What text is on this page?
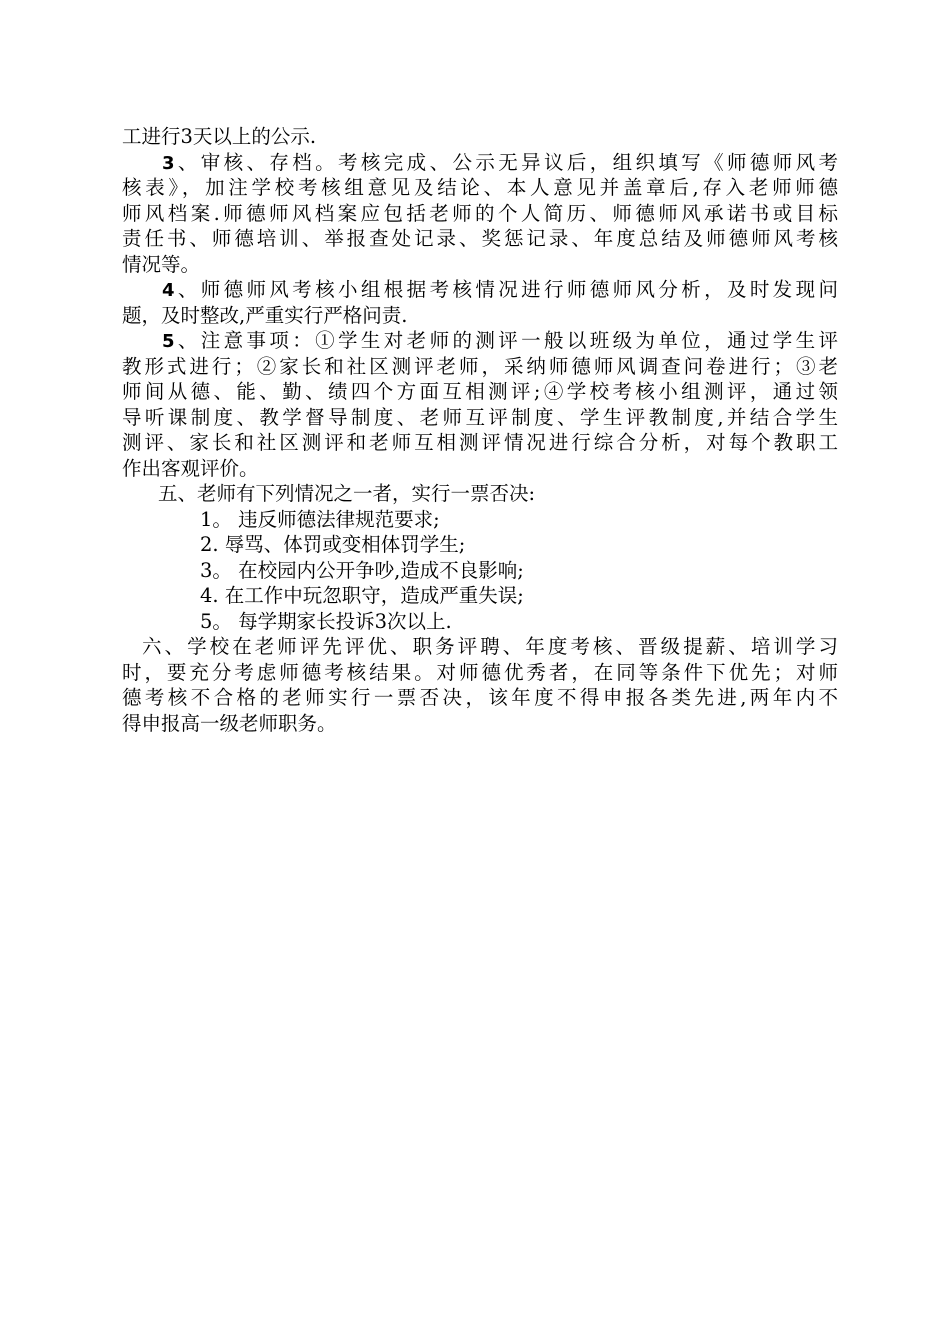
工进行3天以上的公示.
3、审核、存档。考核完成、公示无异议后，组织填写《师德师风考
核表》，加注学校考核组意见及结论、本人意见并盖章后,存入老师师德
师风档案.师德师风档案应包括老师的个人简历、师德师风承诺书或目标
责任书、师德培训、举报查处记录、奖惩记录、年度总结及师德师风考核
情况等。
4、师德师风考核小组根据考核情况进行师德师风分析，及时发现问
题，及时整改,严重实行严格问责.
5、注意事项：①学生对老师的测评一般以班级为单位，通过学生评
教形式进行；②家长和社区测评老师，采纳师德师风调查问卷进行；③老
师间从德、能、勤、绩四个方面互相测评;④学校考核小组测评，通过领
导听课制度、教学督导制度、老师互评制度、学生评教制度,并结合学生
测评、家长和社区测评和老师互相测评情况进行综合分析，对每个教职工
作出客观评价。
五、老师有下列情况之一者，实行一票否决:
1。 违反师德法律规范要求;
2. 辱骂、体罚或变相体罚学生;
3。 在校园内公开争吵,造成不良影响;
4. 在工作中玩忽职守，造成严重失误;
5。 每学期家长投诉3次以上.
六、学校在老师评先评优、职务评聘、年度考核、晋级提薪、培训学习
时，要充分考虑师德考核结果。对师德优秀者，在同等条件下优先；对师
德考核不合格的老师实行一票否决，该年度不得申报各类先进,两年内不
得申报高一级老师职务。
